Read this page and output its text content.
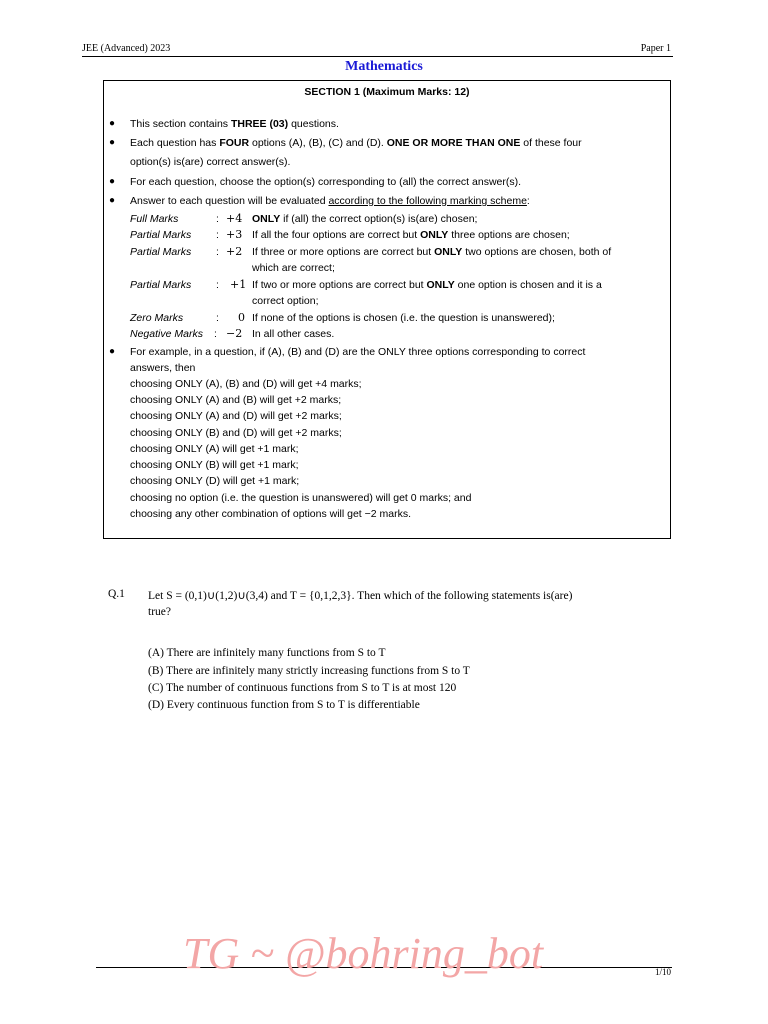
JEE (Advanced) 2023	Paper 1
Mathematics
SECTION 1 (Maximum Marks: 12)
● This section contains THREE (03) questions.
● Each question has FOUR options (A), (B), (C) and (D). ONE OR MORE THAN ONE of these four
option(s) is(are) correct answer(s).
● For each question, choose the option(s) corresponding to (all) the correct answer(s).
● Answer to each question will be evaluated according to the following marking scheme:
Full Marks	: +4 ONLY if (all) the correct option(s) is(are) chosen;
Partial Marks : +3 If all the four options are correct but ONLY three options are chosen;
Partial Marks : +2 If three or more options are correct but ONLY two options are chosen, both of
which are correct;
Partial Marks : +1 If two or more options are correct but ONLY one option is chosen and it is a
correct option;
Zero Marks	: 0 If none of the options is chosen (i.e. the question is unanswered);
Negative Marks : −2 In all other cases.
● For example, in a question, if (A), (B) and (D) are the ONLY three options corresponding to correct
answers, then
choosing ONLY (A), (B) and (D) will get +4 marks;
choosing ONLY (A) and (B) will get +2 marks;
choosing ONLY (A) and (D) will get +2 marks;
choosing ONLY (B) and (D) will get +2 marks;
choosing ONLY (A) will get +1 mark;
choosing ONLY (B) will get +1 mark;
choosing ONLY (D) will get +1 mark;
choosing no option (i.e. the question is unanswered) will get 0 marks; and
choosing any other combination of options will get −2 marks.
Q.1 Let S = (0,1)∪(1,2)∪(3,4) and T = {0,1,2,3}. Then which of the following statements is(are)
true?
(A) There are infinitely many functions from S to T
(B) There are infinitely many strictly increasing functions from S to T
(C) The number of continuous functions from S to T is at most 120
(D) Every continuous function from S to T is differentiable
TG ~ @bohring_bot	1/10
